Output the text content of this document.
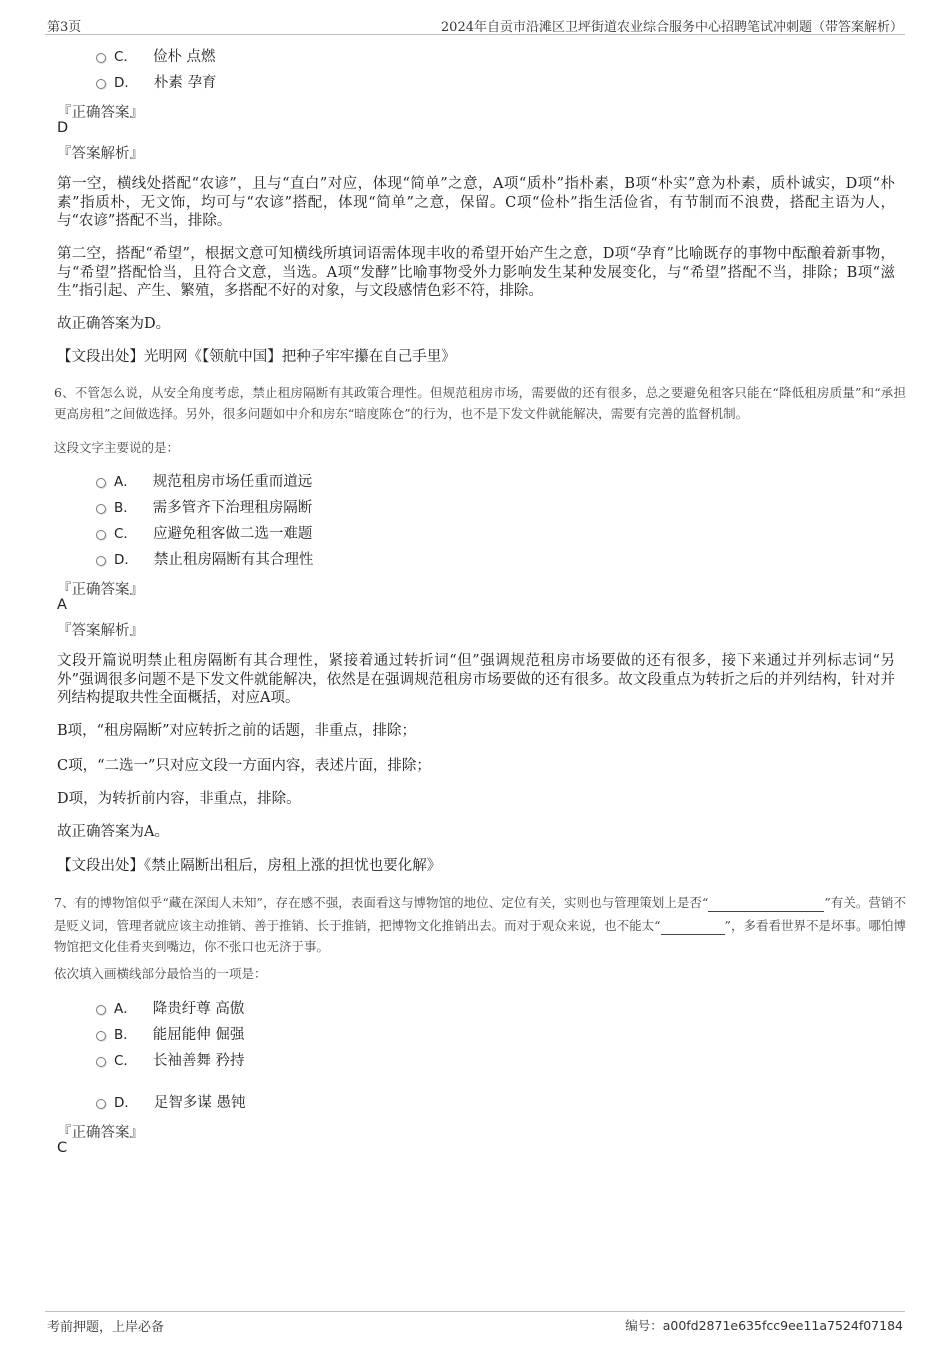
第3页	2024年自贡市沿滩区卫坪街道农业综合服务中心招聘笔试冲刺题（带答案解析）
C． 俭朴 点燃
D． 朴素 孕育
『正确答案』
D
『答案解析』
第一空，横线处搭配“农谚”，且与“直白”对应，体现“简单”之意，A项“质朴”指朴素，B项“朴实”意为朴素，质朴诚实，D项“朴素”指质朴，无文饰，均可与“农谚”搭配，体现“简单”之意，保留。C项“俭朴”指生活俭省，有节制而不浪费，搭配主语为人，与“农谚”搭配不当，排除。
第二空，搭配“希望”，根据文意可知横线所填词语需体现丰收的希望开始产生之意，D项“孕育”比喻既存的事物中酝酿着新事物，与“希望”搭配恰当，且符合文意，当选。A项“发酵”比喻事物受外力影响发生某种发展变化，与“希望”搭配不当，排除；B项“滋生”指引起、产生、繁殖，多搭配不好的对象，与文段感情色彩不符，排除。
故正确答案为D。
【文段出处】光明网《【领航中国】把种子牢牢攥在自己手里》
6、不管怎么说，从安全角度考虑，禁止租房隔断有其政策合理性。但规范租房市场，需要做的还有很多，总之要避免租客只能在“降低租房质量”和“承担更高房租”之间做选择。另外，很多问题如中介和房东“暗度陈仓”的行为，也不是下发文件就能解决，需要有完善的监督机制。
这段文字主要说的是：
A． 规范租房市场任重而道远
B． 需多管齐下治理租房隔断
C． 应避免租客做二选一难题
D． 禁止租房隔断有其合理性
『正确答案』
A
『答案解析』
文段开篇说明禁止租房隔断有其合理性，紧接着通过转折词“但”强调规范租房市场要做的还有很多，接下来通过并列标志词“另外”强调很多问题不是下发文件就能解决，依然是在强调规范租房市场要做的还有很多。故文段重点为转折之后的并列结构，针对并列结构提取共性全面概括，对应A项。
B项，“租房隔断”对应转折之前的话题，非重点，排除；
C项，“二选一”只对应文段一方面内容，表述片面，排除；
D项，为转折前内容，非重点，排除。
故正确答案为A。
【文段出处】《禁止隔断出租后，房租上涨的担忧也要化解》
7、有的博物馆似乎“藏在深闺人未知”，存在感不强，表面看这与博物馆的地位、定位有关，实则也与管理策划上是否“	”有关。营销不是贬义词，管理者就应该主动推销、善于推销、长于推销，把博物文化推销出去。而对于观众来说，也不能太“	”，多看看世界不是坏事。哪怕博物馆把文化佳肴夹到嘴边，你不张口也无济于事。
依次填入画横线部分最恰当的一项是：
A． 降贵纡尊 高傲
B． 能屈能伸 倔强
C． 长袖善舞 矜持
D． 足智多谋 愚钝
『正确答案』
C
考前押题，上岸必备	编号：a00fd2871e635fcc9ee11a7524f07184
